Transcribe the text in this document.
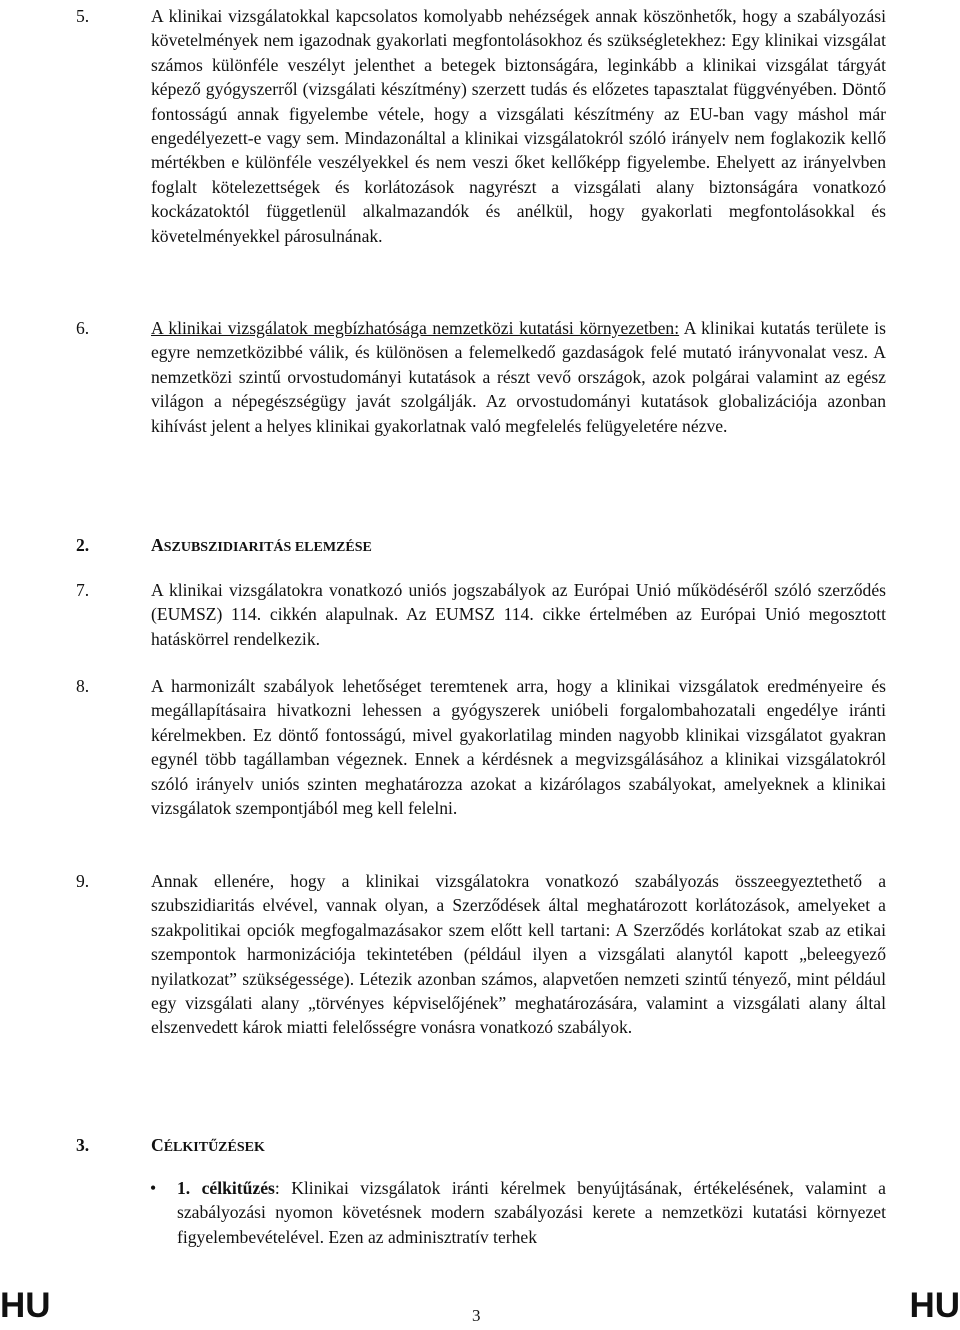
5.	A klinikai vizsgálatokkal kapcsolatos komolyabb nehézségek annak köszönhetők, hogy a szabályozási követelmények nem igazodnak gyakorlati megfontolásokhoz és szükségletekhez: Egy klinikai vizsgálat számos különféle veszélyt jelenthet a betegek biztonságára, leginkább a klinikai vizsgálat tárgyát képező gyógyszerről (vizsgálati készítmény) szerzett tudás és előzetes tapasztalat függvényében. Döntő fontosságú annak figyelembe vétele, hogy a vizsgálati készítmény az EU-ban vagy máshol már engedélyezett-e vagy sem. Mindazonáltal a klinikai vizsgálatokról szóló irányelv nem foglakozik kellő mértékben e különféle veszélyekkel és nem veszi őket kellőképp figyelembe. Ehelyett az irányelvben foglalt kötelezettségek és korlátozások nagyrészt a vizsgálati alany biztonságára vonatkozó kockázatoktól függetlenül alkalmazandók és anélkül, hogy gyakorlati megfontolásokkal és követelményekkel párosulnának.
6.	A klinikai vizsgálatok megbízhatósága nemzetközi kutatási környezetben: A klinikai kutatás területe is egyre nemzetközibbé válik, és különösen a felemelkedő gazdaságok felé mutató irányvonalat vesz. A nemzetközi szintű orvostudományi kutatások a részt vevő országok, azok polgárai valamint az egész világon a népegészségügy javát szolgálják. Az orvostudományi kutatások globalizációja azonban kihívást jelent a helyes klinikai gyakorlatnak való megfelelés felügyeletére nézve.
2.	ASZUBSZIDIARITÁS ELEMZÉSE
7.	A klinikai vizsgálatokra vonatkozó uniós jogszabályok az Európai Unió működéséről szóló szerződés (EUMSZ) 114. cikkén alapulnak. Az EUMSZ 114. cikke értelmében az Európai Unió megosztott hatáskörrel rendelkezik.
8.	A harmonizált szabályok lehetőséget teremtenek arra, hogy a klinikai vizsgálatok eredményeire és megállapításaira hivatkozni lehessen a gyógyszerek unióbeli forgalombahozatali engedélye iránti kérelmekben. Ez döntő fontosságú, mivel gyakorlatilag minden nagyobb klinikai vizsgálatot gyakran egynél több tagállamban végeznek. Ennek a kérdésnek a megvizsgálásához a klinikai vizsgálatokról szóló irányelv uniós szinten meghatározza azokat a kizárólagos szabályokat, amelyeknek a klinikai vizsgálatok szempontjából meg kell felelni.
9.	Annak ellenére, hogy a klinikai vizsgálatokra vonatkozó szabályozás összeegyeztethető a szubszidiaritás elvével, vannak olyan, a Szerződések által meghatározott korlátozások, amelyeket a szakpolitikai opciók megfogalmazásakor szem előtt kell tartani: A Szerződés korlátokat szab az etikai szempontok harmonizációja tekintetében (például ilyen a vizsgálati alanytól kapott „beleegyező nyilatkozat” szükségessége). Létezik azonban számos, alapvetően nemzeti szintű tényező, mint például egy vizsgálati alany „törvényes képviselőjének” meghatározására, valamint a vizsgálati alany által elszenvedett károk miatti felelősségre vonásra vonatkozó szabályok.
3.	CÉLKITŰZÉSEK
• 1. célkitűzés: Klinikai vizsgálatok iránti kérelmek benyújtásának, értékelésének, valamint a szabályozási nyomon követésnek modern szabályozási kerete a nemzetközi kutatási környezet figyelembevételével. Ezen az adminisztratív terhek
HU	3	HU
